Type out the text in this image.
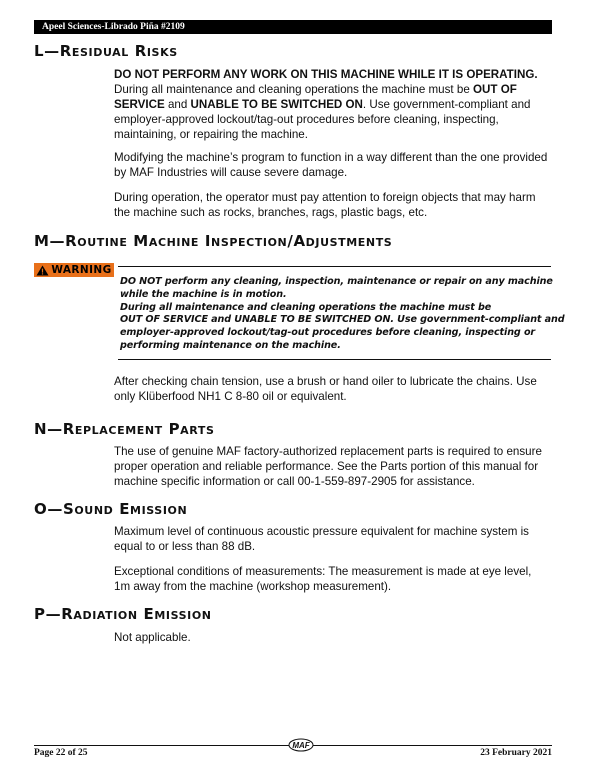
Apeel Sciences-Librado Piña #2109
L—Residual Risks

DO NOT PERFORM ANY WORK ON THIS MACHINE WHILE IT IS OPERATING. During all maintenance and cleaning operations the machine must be OUT OF SERVICE and UNABLE TO BE SWITCHED ON. Use government-compliant and employer-approved lockout/tag-out procedures before cleaning, inspecting, maintaining, or repairing the machine.

Modifying the machine’s program to function in a way different than the one provided by MAF Industries will cause severe damage.

During operation, the operator must pay attention to foreign objects that may harm the machine such as rocks, branches, rags, plastic bags, etc.

M—Routine Machine Inspection/Adjustments
WARNING

DO NOT perform any cleaning, inspection, maintenance or repair on any machine
while the machine is in motion.
During all maintenance and cleaning operations the machine must be
OUT OF SERVICE and UNABLE TO BE SWITCHED ON. Use government-compliant and
employer-approved lockout/tag-out procedures before cleaning, inspecting or
performing maintenance on the machine.

After checking chain tension, use a brush or hand oiler to lubricate the chains. Use only Klüberfood NH1 C 8-80 oil or equivalent.

N—Replacement Parts

The use of genuine MAF factory-authorized replacement parts is required to ensure proper operation and reliable performance. See the Parts portion of this manual for machine specific information or call 00-1-559-897-2905 for assistance.

O—Sound Emission

Maximum level of continuous acoustic pressure equivalent for machine system is equal to or less than 88 dB.

Exceptional conditions of measurements: The measurement is made at eye level, 1m away from the machine (workshop measurement).

P—Radiation Emission

Not applicable.

Page 22 of 25
MAF
23 February 2021
